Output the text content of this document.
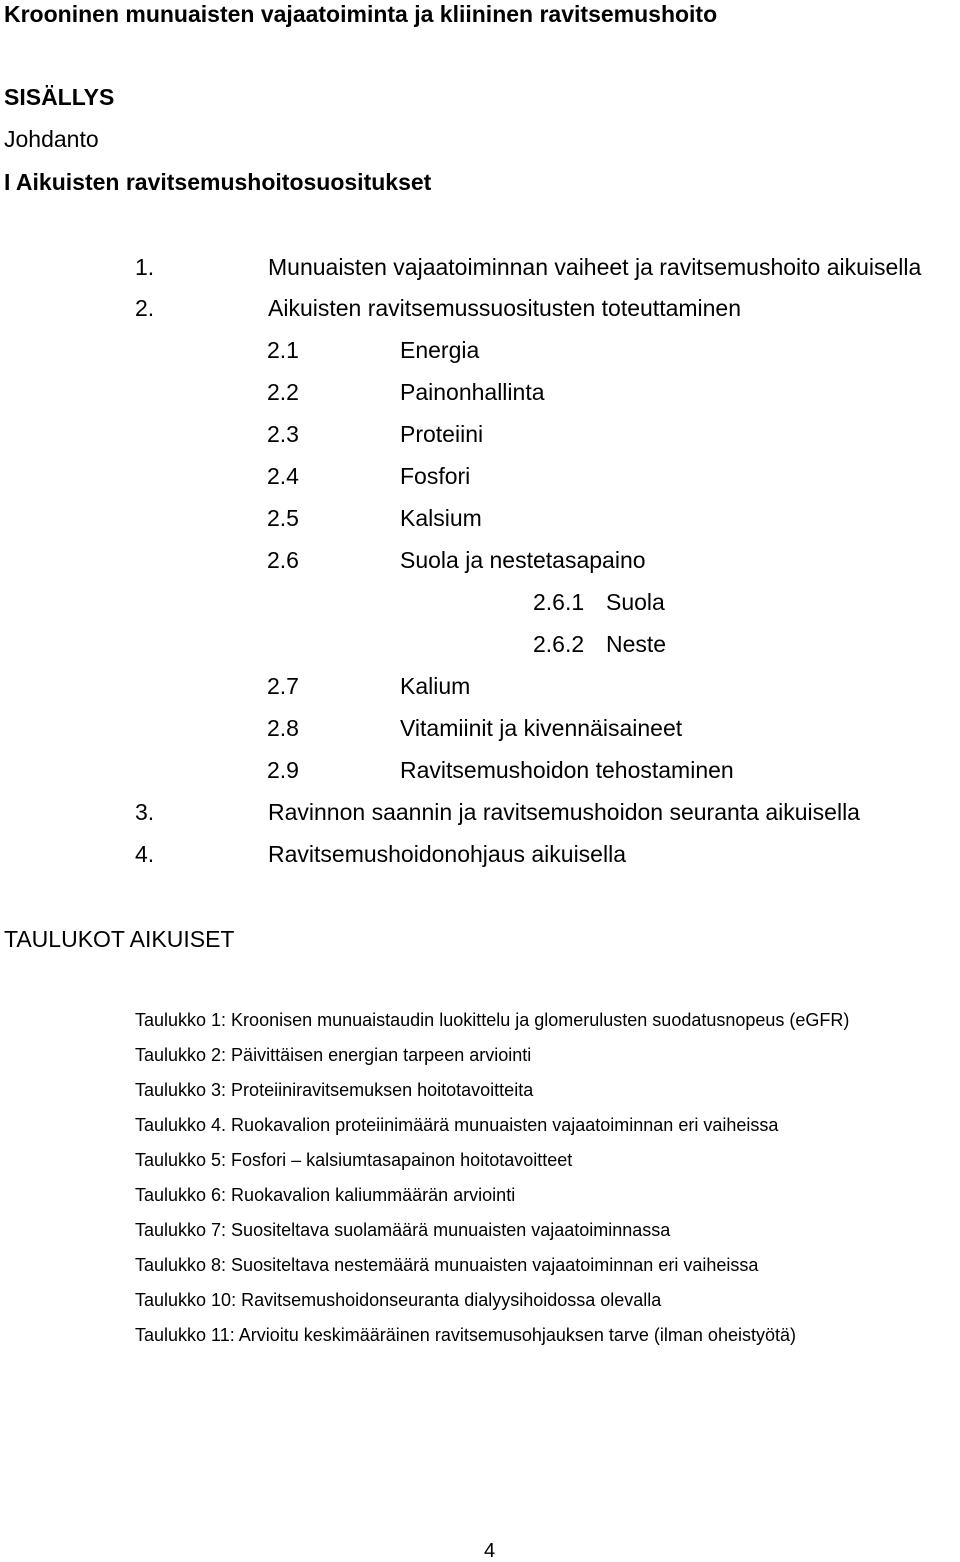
Krooninen munuaisten vajaatoiminta ja kliininen ravitsemushoito
SISÄLLYS
Johdanto
I Aikuisten ravitsemushoitosuositukset
1.	Munuaisten vajaatoiminnan vaiheet ja ravitsemushoito aikuisella
2.	Aikuisten ravitsemussuositusten toteuttaminen
2.1	Energia
2.2	Painonhallinta
2.3	Proteiini
2.4	Fosfori
2.5	Kalsium
2.6	Suola ja nestetasapaino
2.6.1 Suola
2.6.2 Neste
2.7	Kalium
2.8	Vitamiinit ja kivennäisaineet
2.9	Ravitsemushoidon tehostaminen
3.	Ravinnon saannin ja ravitsemushoidon seuranta aikuisella
4.	Ravitsemushoidonohjaus aikuisella
TAULUKOT AIKUISET
Taulukko 1: Kroonisen munuaistaudin luokittelu ja glomerulusten suodatusnopeus (eGFR)
Taulukko 2: Päivittäisen energian tarpeen arviointi
Taulukko 3: Proteiiniravitsemuksen hoitotavoitteita
Taulukko 4. Ruokavalion proteiinimäärä munuaisten vajaatoiminnan eri vaiheissa
Taulukko 5: Fosfori – kalsiumtasapainon hoitotavoitteet
Taulukko 6: Ruokavalion kaliummäärän arviointi
Taulukko 7: Suositeltava suolamäärä munuaisten vajaatoiminnassa
Taulukko 8: Suositeltava nestemäärä munuaisten vajaatoiminnan eri vaiheissa
Taulukko 10: Ravitsemushoidonseuranta dialyysihoidossa olevalla
Taulukko 11: Arvioitu keskimääräinen ravitsemusohjauksen tarve (ilman oheistyötä)
4
